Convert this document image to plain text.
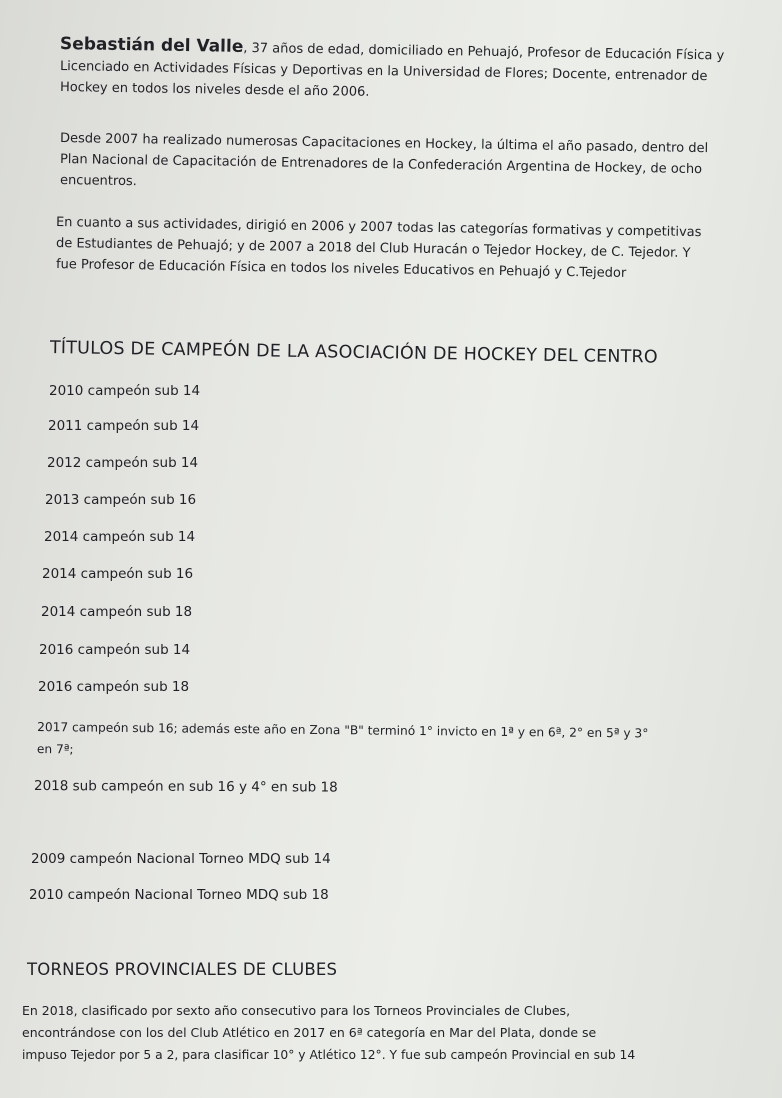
Sebastián del Valle, 37 años de edad, domiciliado en Pehuajó, Profesor de Educación Física y

Licenciado en Actividades Físicas y Deportivas en la Universidad de Flores; Docente, entrenador de

Hockey en todos los niveles desde el año 2006.

Desde 2007 ha realizado numerosas Capacitaciones en Hockey, la última el año pasado, dentro del

Plan Nacional de Capacitación de Entrenadores de la Confederación Argentina de Hockey, de ocho

encuentros.

En cuanto a sus actividades, dirigió en 2006 y 2007 todas las categorías formativas y competitivas

de Estudiantes de Pehuajó; y de 2007 a 2018 del Club Huracán o Tejedor Hockey, de C. Tejedor. Y

fue Profesor de Educación Física en todos los niveles Educativos en Pehuajó y C.Tejedor

TÍTULOS DE CAMPEÓN DE LA ASOCIACIÓN DE HOCKEY DEL CENTRO
2010 campeón sub 14
2011 campeón sub 14
2012 campeón sub 14
2013 campeón sub 16
2014 campeón sub 14
2014 campeón sub 16
2014 campeón sub 18
2016 campeón sub 14
2016 campeón sub 18
2017 campeón sub 16; además este año en Zona "B" terminó 1° invicto en 1ª y en 6ª, 2° en 5ª y 3°
en 7ª;
2018 sub campeón en sub 16 y 4° en sub 18
2009 campeón Nacional Torneo MDQ sub 14
2010 campeón Nacional Torneo MDQ sub 18
TORNEOS PROVINCIALES DE CLUBES
En 2018, clasificado por sexto año consecutivo para los Torneos Provinciales de Clubes,
encontrándose con los del Club Atlético en 2017 en 6ª categoría en Mar del Plata, donde se
impuso Tejedor por 5 a 2, para clasificar 10° y Atlético 12°. Y fue sub campeón Provincial en sub 14
